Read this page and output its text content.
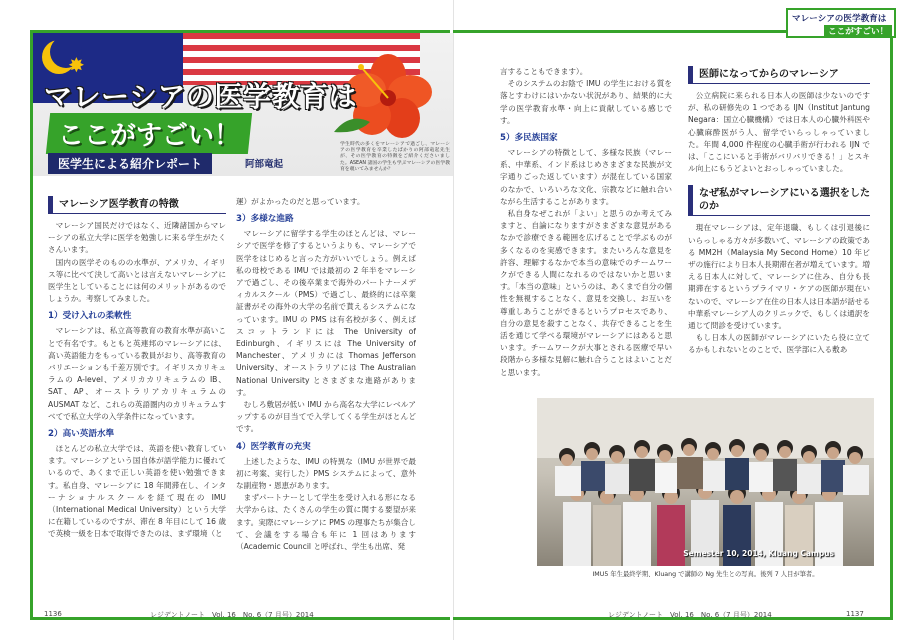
✸
マレーシアの医学教育は
ここがすごい！
医学生による紹介レポート	阿部竜起
学生時代の多くをマレーシアで過ごし、マレーシアの医学教育を卒業したばかりの阿部竜起先生が、その医学教育の特徴をご紹介くださいました。ASEAN 諸国の学生も学ぶマレーシアの医学教育を覗いてみませんか？
マレーシア医学教育の特徴
マレーシア国民だけではなく、近隣諸国からマレーシアの私立大学に医学を勉強しに来る学生がたくさんいます。
国内の医学そのものの水準が、アメリカ、イギリス等に比べて決して高いとは言えないマレーシアに医学生としていることには何のメリットがあるのでしょうか。考察してみました。
1）受け入れの柔軟性
マレーシアは、私立高等教育の教育水準が高いことで有名です。もともと英連邦のマレーシアには、高い英語能力をもっている教員がおり、高等教育のバリエーションも千差万別です。イギリスカリキュラムの A-level、アメリカカリキュラムの IB、SAT、AP、オーストラリアカリキュラムの AUSMAT など、これらの英語圏内のカリキュラムすべてで私立大学の入学条件になっています。
2）高い英語水準
ほとんどの私立大学では、英語を使い教育しています。マレーシアという国自体が語学能力に優れているので、あくまで正しい英語を使い勉強できます。私自身、マレーシアに 18 年間滞在し、インターナショナルスクールを経て現在の IMU（International Medical University）という大学に在籍しているのですが、滞在 8 年目にして 16 歳で英検一級を日本で取得できたのは、まず環境（と
運）がよかったのだと思っています。
3）多様な進路
マレーシアに留学する学生のほとんどは、マレーシアで医学を修了するというよりも、マレーシアで医学をはじめると言った方がいいでしょう。例えば私の母校である IMU では最初の 2 年半をマレーシアで過ごし、その後卒業まで海外のパートナーメディカルスクール（PMS）で過ごし、最終的には卒業証書がその海外の大学の名前で貰えるシステムになっています。IMU の PMS は有名校が多く、例えばスコットランドには The University of Edinburgh、イギリスには The University of Manchester、アメリカには Thomas Jefferson University、オーストラリアには The Australian National University とさまざまな進路があります。
むしろ敷居が低い IMU から高名な大学にレベルアップするのが目当てで入学してくる学生がほとんどです。
4）医学教育の充実
上述したような、IMU の特異な（IMU が世界で最初に考案、実行した）PMS システムによって、意外な副産物・恩恵があります。
まずパートナーとして学生を受け入れる形になる大学からは、たくさんの学生の質に関する要望が来ます。実際にマレーシアに PMS の理事たちが集合して、会議をする場合も年に 1 回はあります（Academic Council と呼ばれ、学生も出席、発
言することもできます）。
そのシステムのお陰で IMU の学生における質を落とすわけにはいかない状況があり、結果的に大学の医学教育水準・向上に貢献している感じです。
5）多民族国家
マレーシアの特徴として、多様な民族（マレー系、中華系、インド系はじめさまざまな民族が文字通りごった返しています）が混在している国家のなかで、いろいろな文化、宗教などに触れ合いながら生活することがあります。
私自身なぜこれが「よい」と思うのか考えてみますと、自論になりますがさまざまな意見があるなかで診療できる範囲を広げることで学ぶものが多くなるのを実感できます。またいろんな意見を許容、理解するなかで本当の意味でのチームワークができる人間になれるのではないかと思います。「本当の意味」というのは、あくまで自分の個性を無視することなく、意見を交換し、お互いを尊重しあうことができるというプロセスであり、自分の意見を殺すことなく、共存できることを生活を通じて学べる環境がマレーシアにはあると思います。チームワークが大事とされる医療で早い段階から多様な見解に触れ合うことはよいことだと思います。
医師になってからのマレーシア
公立病院に来られる日本人の医師は少ないのですが、私の研修先の 1 つである IJN（Institut Jantung Negara：国立心臓機構）では日本人の心臓外科医や心臓麻酔医がう人、留学でいらっしゃっていました。年間 4,000 件程度の心臓手術が行われる IJN では、「ここにいると手術がバリバリできる！」とスキル向上にもうどよいとおっしゃっていました。
なぜ私がマレーシアにいる選択をしたのか
現在マレーシアは、定年退職、もしくは引退後にいらっしゃる方々が多数いて、マレーシアの政策である MM2H（Malaysia My Second Home）10 年ビザの施行により日本人長期滞在者が増えています。増える日本人に対して、マレーシアに住み、自分も長期滞在するというプライマリ・ケアの医師が現在いないので、マレーシア在住の日本人は日本語が話せる中華系マレーシア人のクリニックで、もしくは通訳を通じて問診を受けています。
もし日本人の医師がマレーシアにいたら役に立てるかもしれないとのことで、医学部に入る敷あ
マレーシアの医学教育は
ここがすごい！
Semester 10, 2014, Kluang Campus
IMU5 年生最終学期、Kluang で講師の Ng 先生との写真。後列 7 人目が筆者。
1136	レジデントノート　Vol. 16　No. 6（7 月号）2014	レジデントノート　Vol. 16　No. 6（7 月号）2014	1137
